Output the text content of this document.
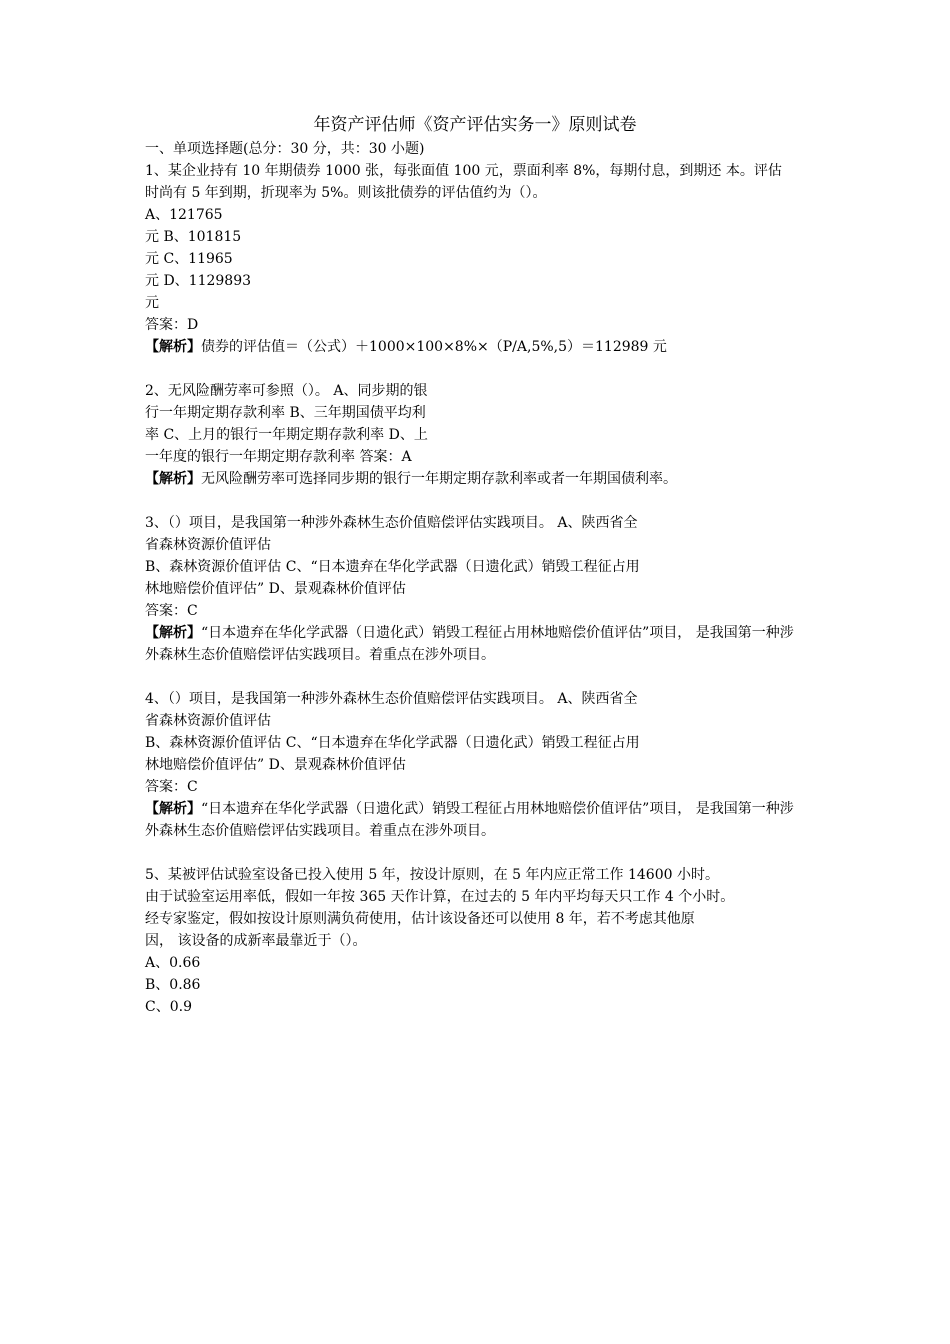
年资产评估师《资产评估实务一》原则试卷
一、单项选择题(总分：30 分，共：30 小题)
1、某企业持有 10 年期债券 1000 张，每张面值 100 元，票面利率 8%，每期付息，到期还 本。评估
时尚有 5 年到期，折现率为 5%。则该批债券的评估值约为（）。
A、121765
元 B、101815
元 C、11965
元 D、1129893
元
答案：D
【解析】债券的评估值＝（公式）＋1000×100×8%×（P/A,5%,5）＝112989 元
2、无风险酬劳率可参照（）。 A、同步期的银
行一年期定期存款利率 B、三年期国债平均利
率 C、上月的银行一年期定期存款利率 D、上
一年度的银行一年期定期存款利率 答案：A
【解析】无风险酬劳率可选择同步期的银行一年期定期存款利率或者一年期国债利率。
3、（）项目，是我国第一种涉外森林生态价值赔偿评估实践项目。 A、陕西省全
省森林资源价值评估
B、森林资源价值评估 C、“日本遗弃在华化学武器（日遗化武）销毁工程征占用
林地赔偿价值评估” D、景观森林价值评估
答案：C
【解析】“日本遗弃在华化学武器（日遗化武）销毁工程征占用林地赔偿价值评估”项目， 是我国第一种涉
外森林生态价值赔偿评估实践项目。着重点在涉外项目。
4、（）项目，是我国第一种涉外森林生态价值赔偿评估实践项目。 A、陕西省全
省森林资源价值评估
B、森林资源价值评估 C、“日本遗弃在华化学武器（日遗化武）销毁工程征占用
林地赔偿价值评估” D、景观森林价值评估
答案：C
【解析】“日本遗弃在华化学武器（日遗化武）销毁工程征占用林地赔偿价值评估”项目， 是我国第一种涉
外森林生态价值赔偿评估实践项目。着重点在涉外项目。
5、某被评估试验室设备已投入使用 5 年，按设计原则，在 5 年内应正常工作 14600 小时。
由于试验室运用率低，假如一年按 365 天作计算，在过去的 5 年内平均每天只工作 4 个小时。
经专家鉴定，假如按设计原则满负荷使用，估计该设备还可以使用 8 年，若不考虑其他原
因， 该设备的成新率最靠近于（）。
A、0.66
B、0.86
C、0.9
